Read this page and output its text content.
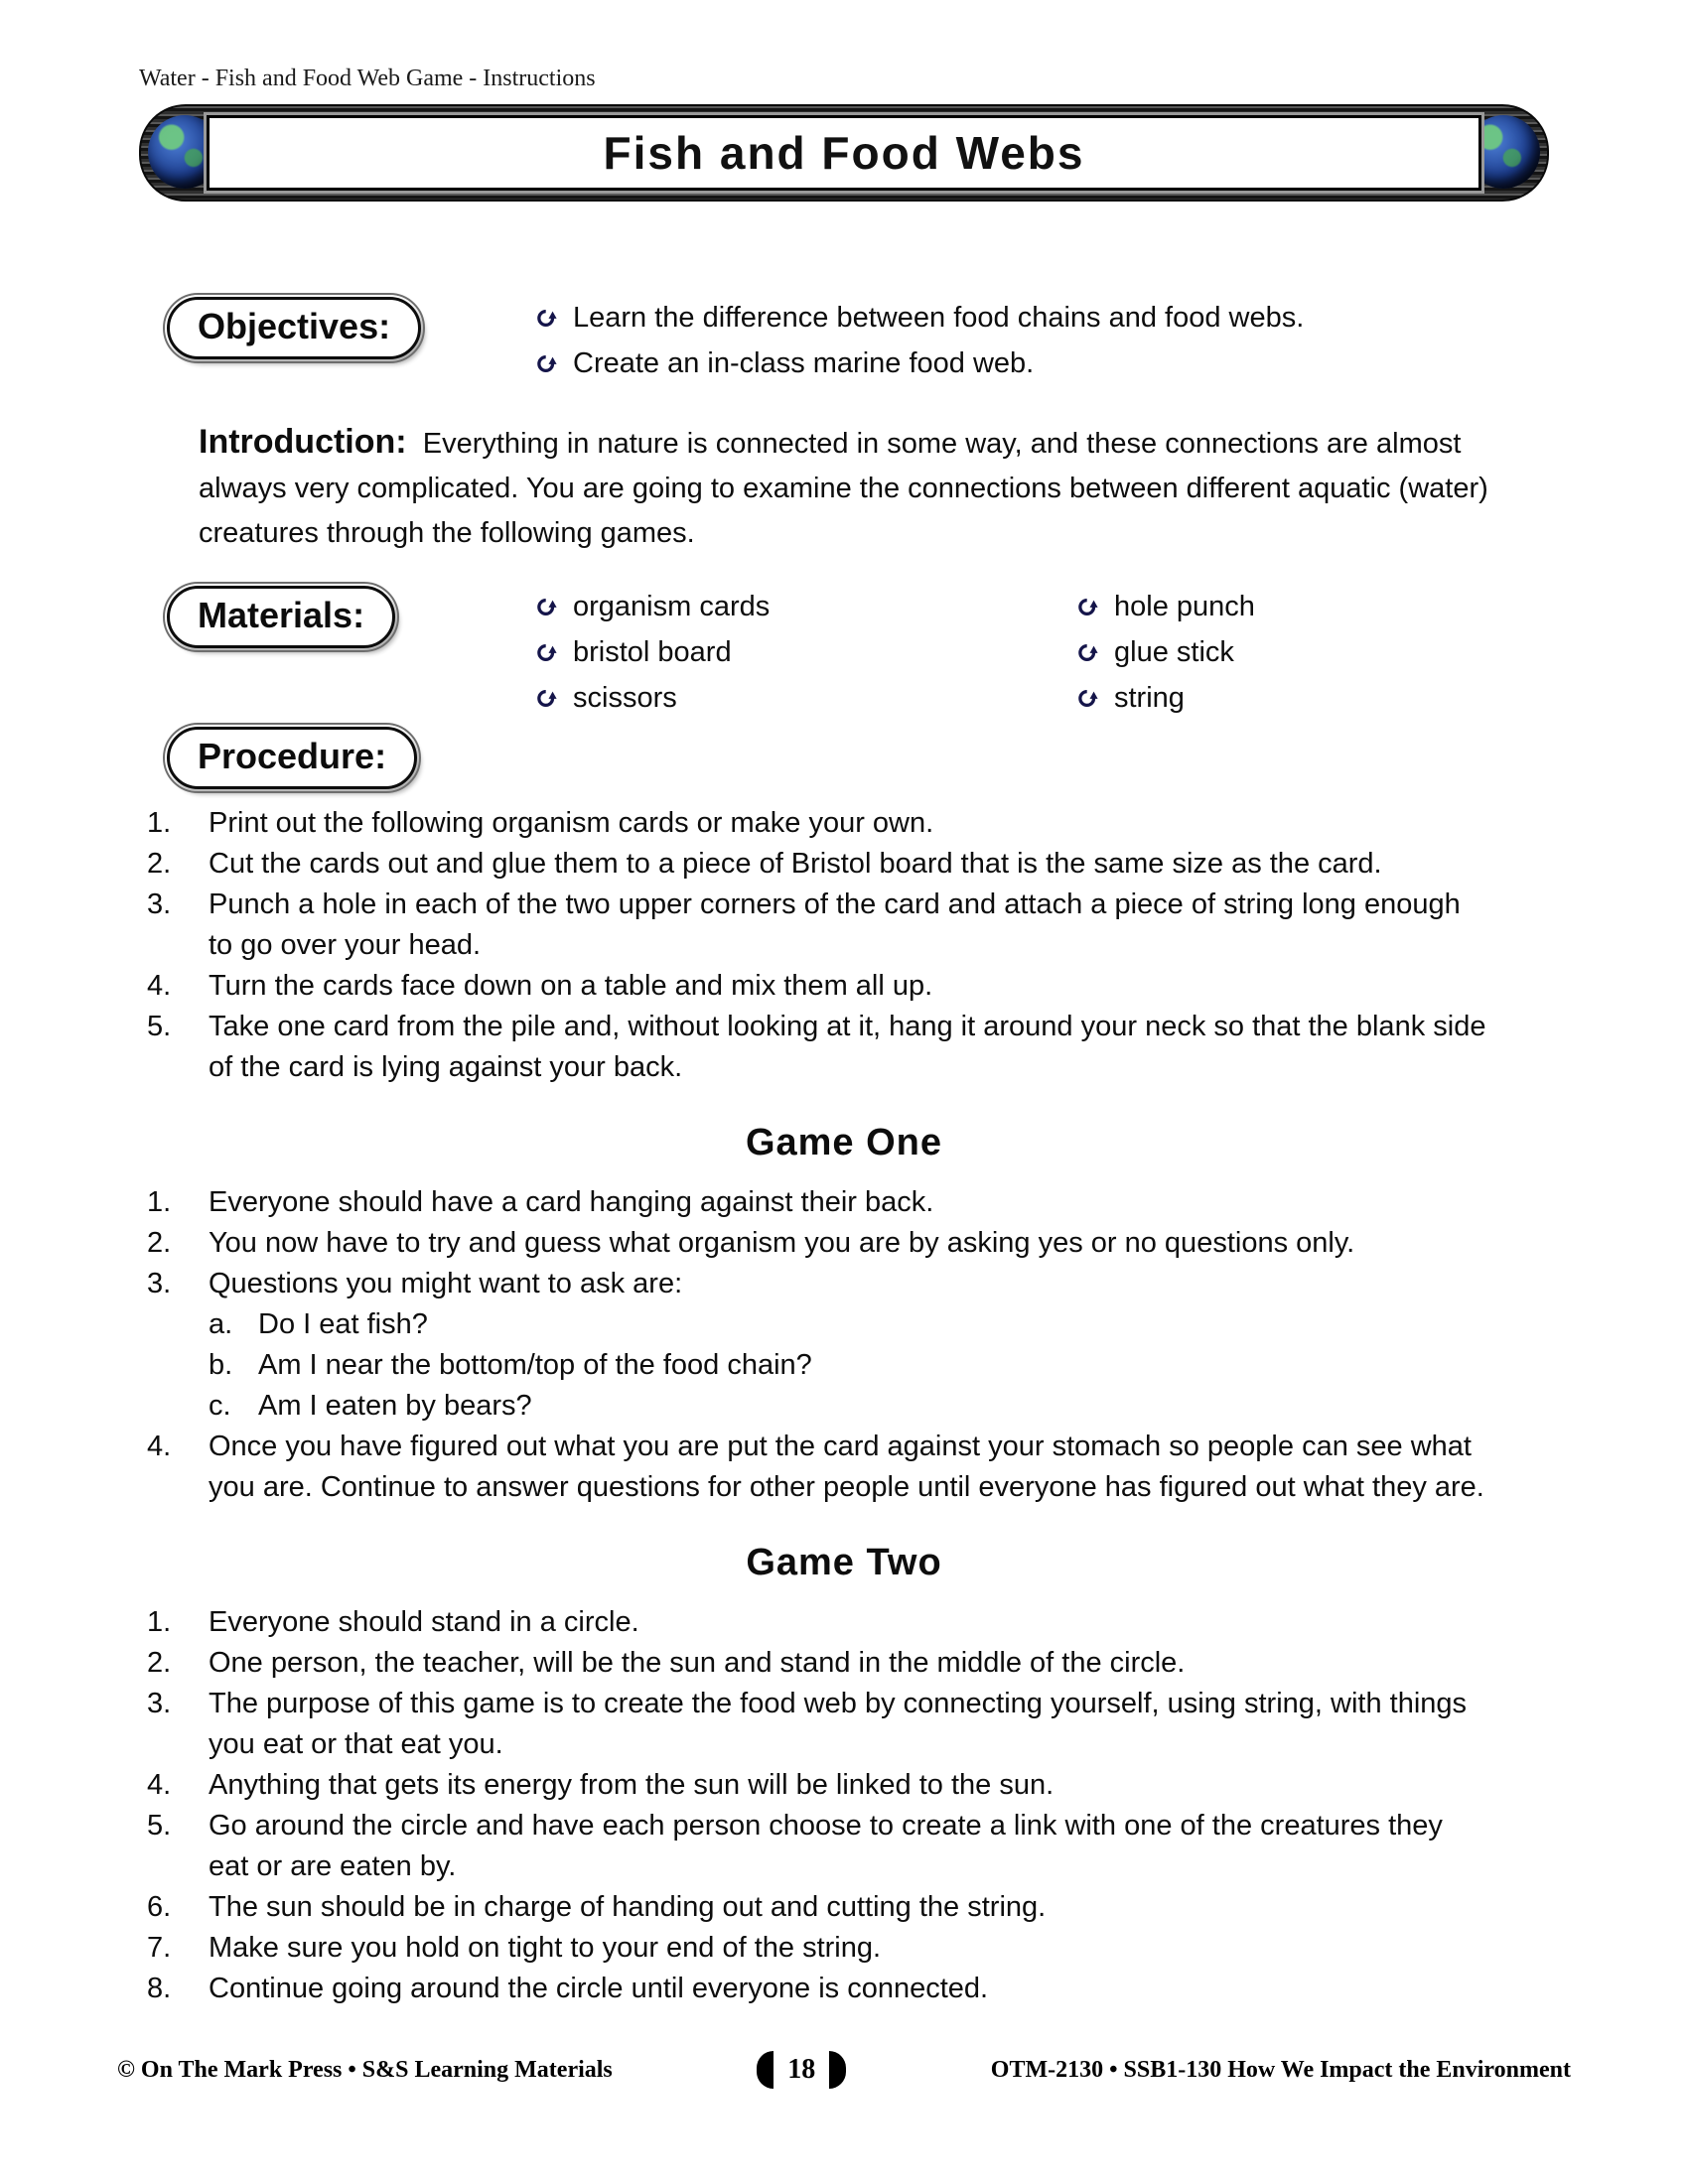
Water - Fish and Food Web Game - Instructions
Fish and Food Webs
Objectives:	Learn the difference between food chains and food webs.
Create an in-class marine food web.

Introduction: Everything in nature is connected in some way, and these connections are almost always very complicated. You are going to examine the connections between different aquatic (water) creatures through the following games.

Materials:	organism cards
bristol board
scissors
hole punch
glue stick
string
Procedure:
1.	Print out the following organism cards or make your own.
2.	Cut the cards out and glue them to a piece of Bristol board that is the same size as the card.
3.	Punch a hole in each of the two upper corners of the card and attach a piece of string long enough to go over your head.
4.	Turn the cards face down on a table and mix them all up.
5.	Take one card from the pile and, without looking at it, hang it around your neck so that the blank side of the card is lying against your back.
Game One
1.	Everyone should have a card hanging against their back.
2.	You now have to try and guess what organism you are by asking yes or no questions only.
3.	Questions you might want to ask are:
a. Do I eat fish?
b. Am I near the bottom/top of the food chain?
c. Am I eaten by bears?
4.	Once you have figured out what you are put the card against your stomach so people can see what you are. Continue to answer questions for other people until everyone has figured out what they are.
Game Two
1.	Everyone should stand in a circle.
2.	One person, the teacher, will be the sun and stand in the middle of the circle.
3.	The purpose of this game is to create the food web by connecting yourself, using string, with things you eat or that eat you.
4.	Anything that gets its energy from the sun will be linked to the sun.
5.	Go around the circle and have each person choose to create a link with one of the creatures they eat or are eaten by.
6.	The sun should be in charge of handing out and cutting the string.
7.	Make sure you hold on tight to your end of the string.
8.	Continue going around the circle until everyone is connected.
© On The Mark Press • S&S Learning Materials	18	OTM-2130 • SSB1-130 How We Impact the Environment
